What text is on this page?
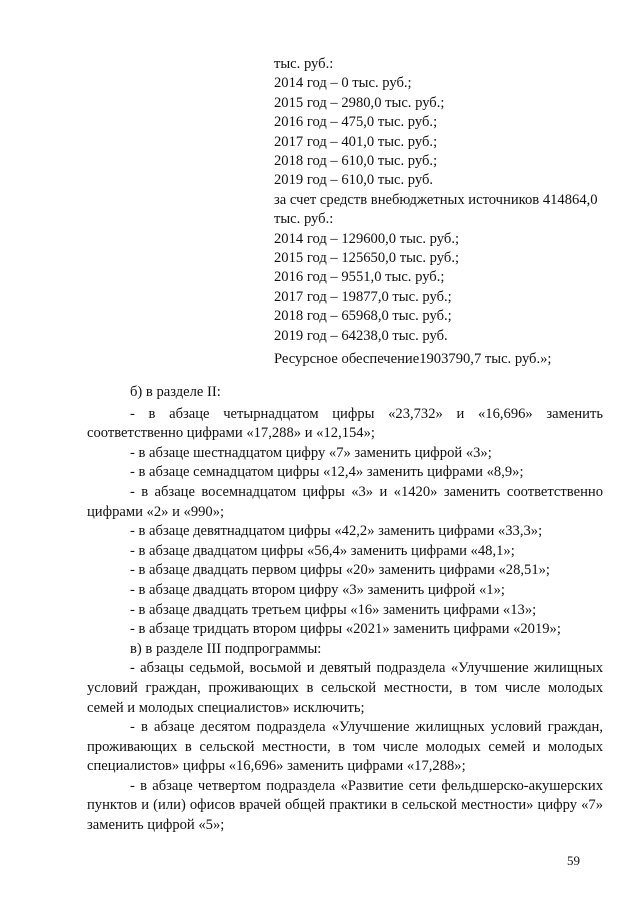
тыс. руб.:
2014 год – 0 тыс. руб.;
2015 год – 2980,0 тыс. руб.;
2016 год – 475,0 тыс. руб.;
2017 год – 401,0 тыс. руб.;
2018 год – 610,0 тыс. руб.;
2019 год – 610,0 тыс. руб.
за счет средств внебюджетных источников 414864,0
тыс. руб.:
2014 год – 129600,0 тыс. руб.;
2015 год – 125650,0 тыс. руб.;
2016 год – 9551,0 тыс. руб.;
2017 год – 19877,0 тыс. руб.;
2018 год – 65968,0 тыс. руб.;
2019 год – 64238,0 тыс. руб.
Ресурсное обеспечение1903790,7 тыс. руб.»;

б) в разделе II:

- в абзаце четырнадцатом цифры «23,732» и «16,696» заменить соответственно цифрами «17,288» и «12,154»;

- в абзаце шестнадцатом цифру «7» заменить цифрой «3»;

- в абзаце семнадцатом цифры «12,4» заменить цифрами «8,9»;

- в абзаце восемнадцатом цифры «3» и «1420» заменить соответственно цифрами «2» и «990»;

- в абзаце девятнадцатом цифры «42,2» заменить цифрами «33,3»;

- в абзаце двадцатом цифры «56,4» заменить цифрами «48,1»;

- в абзаце двадцать первом цифры «20» заменить цифрами «28,51»;

- в абзаце двадцать втором цифру «3» заменить цифрой «1»;

- в абзаце двадцать третьем цифры «16» заменить цифрами «13»;

- в абзаце тридцать втором цифры «2021» заменить цифрами «2019»;

в) в разделе III подпрограммы:

- абзацы седьмой, восьмой и девятый подраздела «Улучшение жилищных условий граждан, проживающих в сельской местности, в том числе молодых семей и молодых специалистов» исключить;

- в абзаце десятом подраздела «Улучшение жилищных условий граждан, проживающих в сельской местности, в том числе молодых семей и молодых специалистов» цифры «16,696» заменить цифрами «17,288»;

- в абзаце четвертом подраздела «Развитие сети фельдшерско-акушерских пунктов и (или) офисов врачей общей практики в сельской местности» цифру «7» заменить цифрой «5»;

59
